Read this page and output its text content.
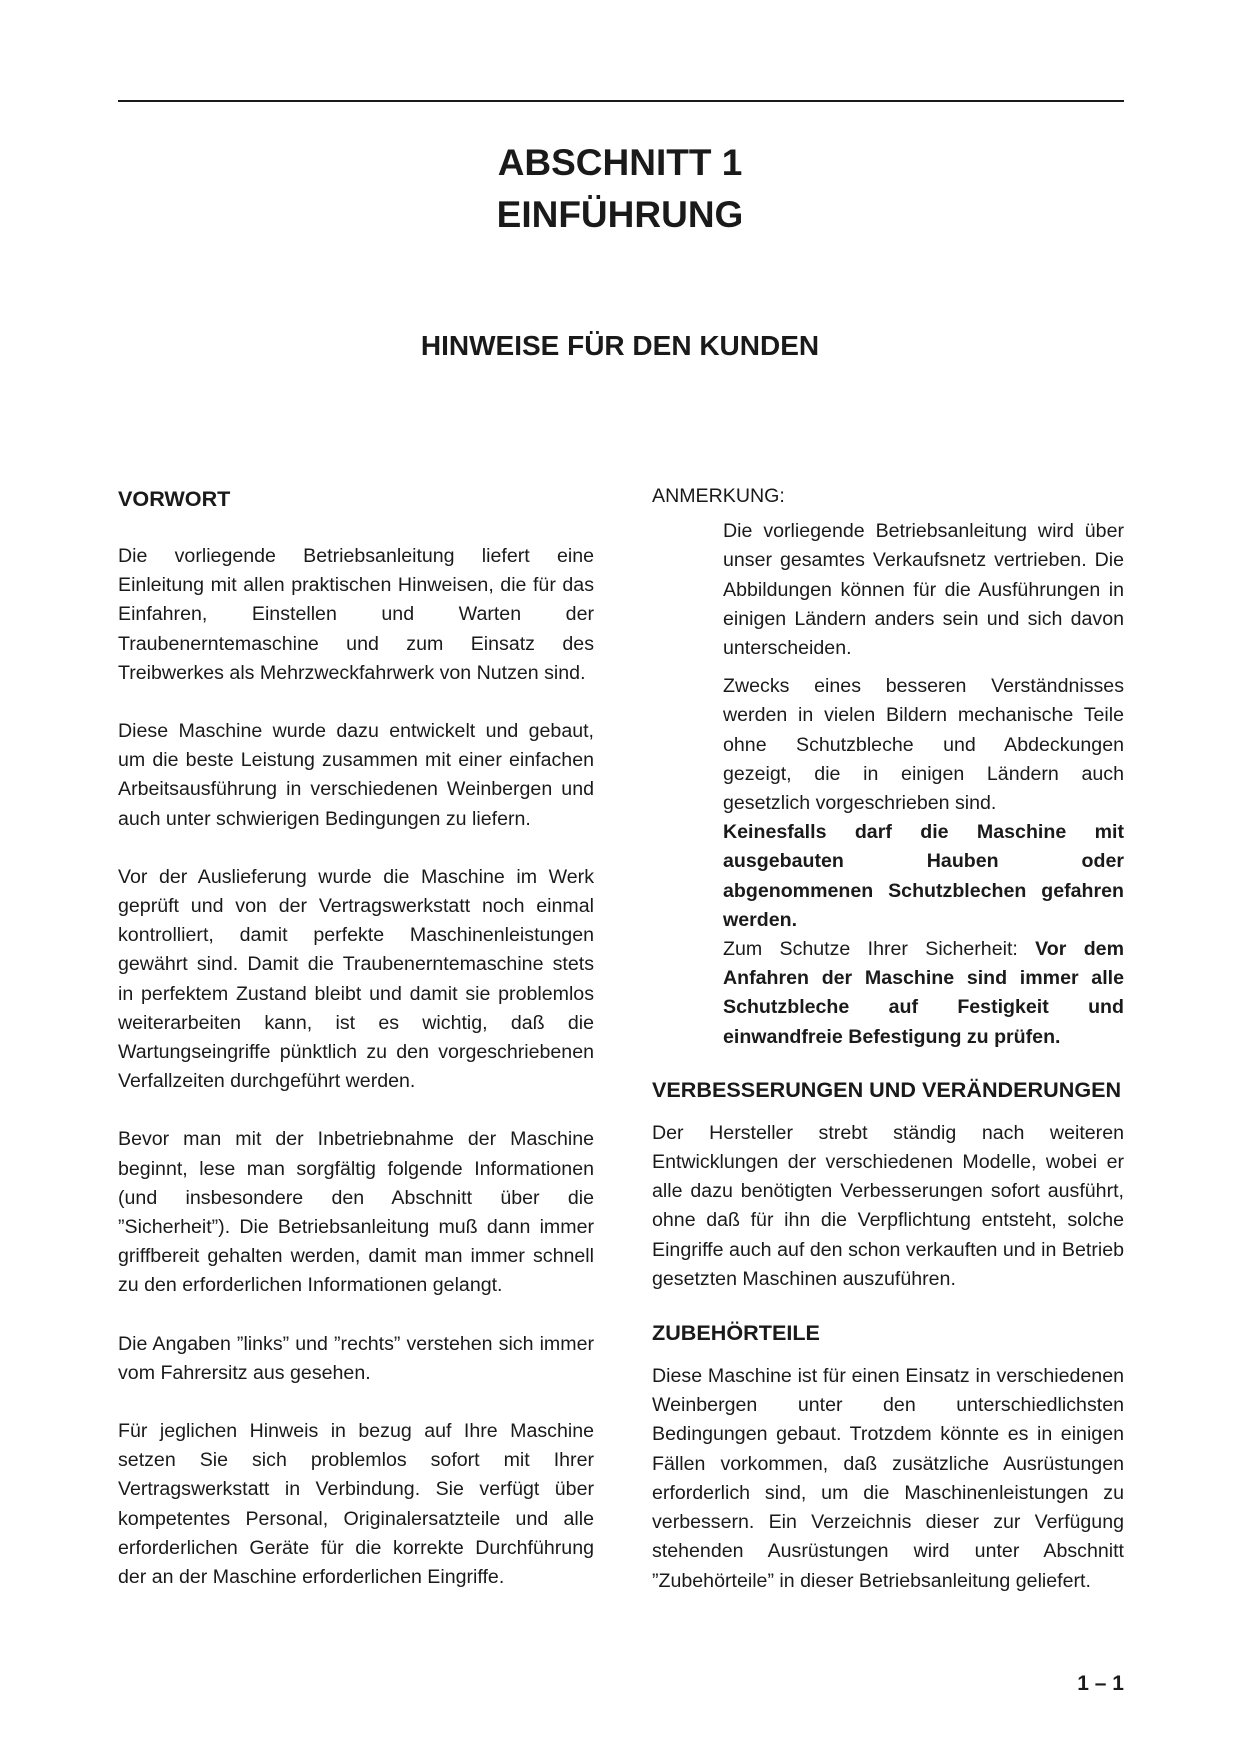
ABSCHNITT 1
EINFÜHRUNG
HINWEISE FÜR DEN KUNDEN
VORWORT

Die vorliegende Betriebsanleitung liefert eine Einleitung mit allen praktischen Hinweisen, die für das Einfahren, Einstellen und Warten der Traubenerntemaschine und zum Einsatz des Treibwerkes als Mehrzweckfahrwerk von Nutzen sind.

Diese Maschine wurde dazu entwickelt und gebaut, um die beste Leistung zusammen mit einer einfachen Arbeitsausführung in verschiedenen Weinbergen und auch unter schwierigen Bedingungen zu liefern.

Vor der Auslieferung wurde die Maschine im Werk geprüft und von der Vertragswerkstatt noch einmal kontrolliert, damit perfekte Maschinenleistungen gewährt sind. Damit die Traubenerntemaschine stets in perfektem Zustand bleibt und damit sie problemlos weiterarbeiten kann, ist es wichtig, daß die Wartungseingriffe pünktlich zu den vorgeschriebenen Verfallzeiten durchgeführt werden.

Bevor man mit der Inbetriebnahme der Maschine beginnt, lese man sorgfältig folgende Informationen (und insbesondere den Abschnitt über die ”Sicherheit”). Die Betriebsanleitung muß dann immer griffbereit gehalten werden, damit man immer schnell zu den erforderlichen Informationen gelangt.

Die Angaben ”links” und ”rechts” verstehen sich immer vom Fahrersitz aus gesehen.

Für jeglichen Hinweis in bezug auf Ihre Maschine setzen Sie sich problemlos sofort mit Ihrer Vertragswerkstatt in Verbindung. Sie verfügt über kompetentes Personal, Originalersatzteile und alle erforderlichen Geräte für die korrekte Durchführung der an der Maschine erforderlichen Eingriffe.

ANMERKUNG:

Die vorliegende Betriebsanleitung wird über unser gesamtes Verkaufsnetz vertrieben. Die Abbildungen können für die Ausführungen in einigen Ländern anders sein und sich davon unterscheiden.

Zwecks eines besseren Verständnisses werden in vielen Bildern mechanische Teile ohne Schutzbleche und Abdeckungen gezeigt, die in einigen Ländern auch gesetzlich vorgeschrieben sind.
Keinesfalls darf die Maschine mit ausgebauten Hauben oder abgenommenen Schutzblechen gefahren werden.
Zum Schutze Ihrer Sicherheit: Vor dem Anfahren der Maschine sind immer alle Schutzbleche auf Festigkeit und einwandfreie Befestigung zu prüfen.

VERBESSERUNGEN UND VERÄNDERUNGEN

Der Hersteller strebt ständig nach weiteren Entwicklungen der verschiedenen Modelle, wobei er alle dazu benötigten Verbesserungen sofort ausführt, ohne daß für ihn die Verpflichtung entsteht, solche Eingriffe auch auf den schon verkauften und in Betrieb gesetzten Maschinen auszuführen.

ZUBEHÖRTEILE

Diese Maschine ist für einen Einsatz in verschiedenen Weinbergen unter den unterschiedlichsten Bedingungen gebaut. Trotzdem könnte es in einigen Fällen vorkommen, daß zusätzliche Ausrüstungen erforderlich sind, um die Maschinenleistungen zu verbessern. Ein Verzeichnis dieser zur Verfügung stehenden Ausrüstungen wird unter Abschnitt ”Zubehörteile” in dieser Betriebsanleitung geliefert.

1 – 1
